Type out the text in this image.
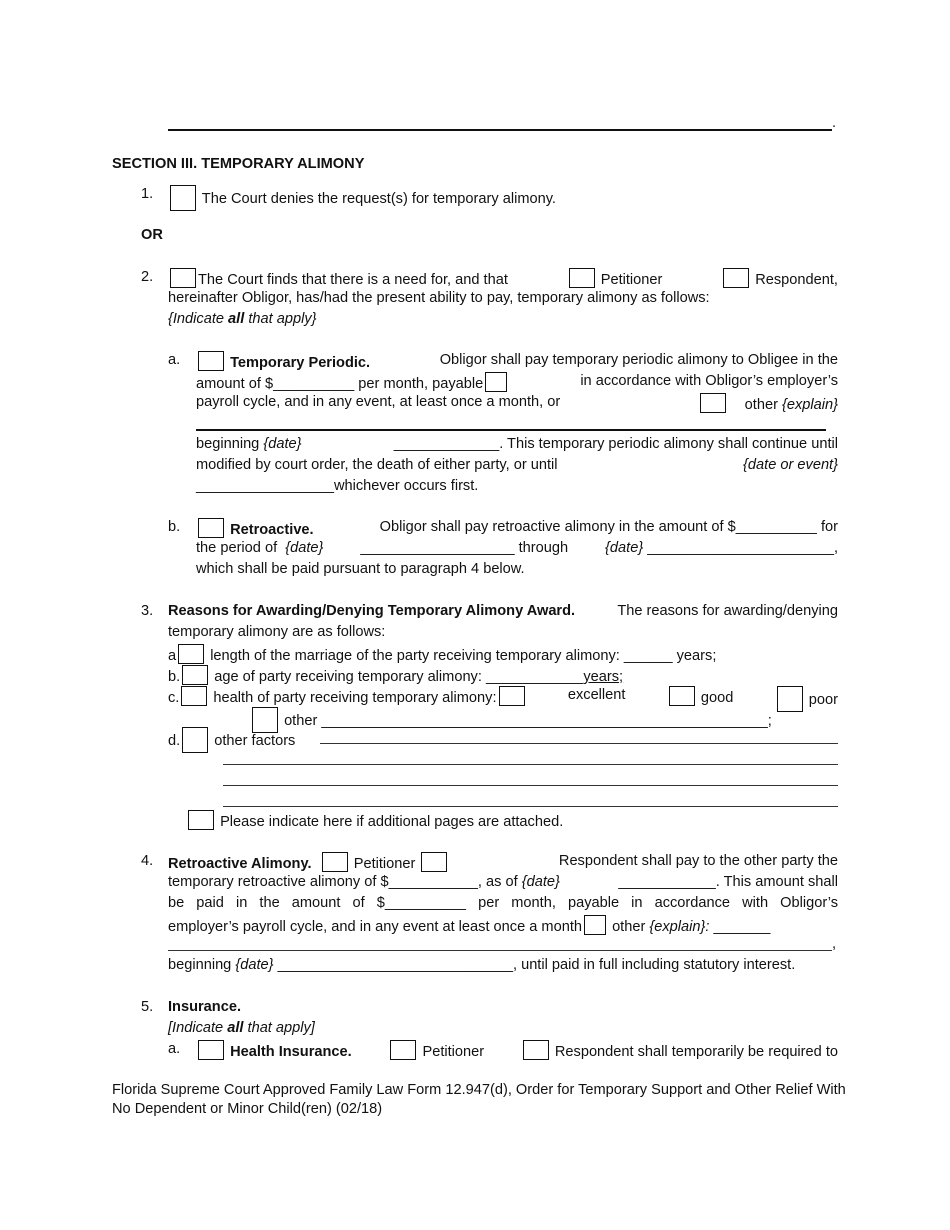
.
SECTION III. TEMPORARY ALIMONY
1.	The Court denies the request(s) for temporary alimony.
OR
2.	The Court finds that there is a need for, and that	Petitioner	Respondent,
hereinafter Obligor, has/had the present ability to pay, temporary alimony as follows:
{Indicate all that apply}
a.	Temporary Periodic.	Obligor shall pay temporary periodic alimony to Obligee in the
amount of $__________ per month, payable	in accordance with Obligor’s employer’s
payroll cycle, and in any event, at least once a month, or	other {explain}
beginning {date}	_____________. This temporary periodic alimony shall continue until
modified by court order, the death of either party, or until	{date or event}
_________________whichever occurs first.
b.	Retroactive.	Obligor shall pay retroactive alimony in the amount of $__________ for
the period of {date}	___________________ through	{date} _______________________,
which shall be paid pursuant to paragraph 4 below.
3. Reasons for Awarding/Denying Temporary Alimony Award.	The reasons for awarding/denying
temporary alimony are as follows:
a length of the marriage of the party receiving temporary alimony: ______ years;
b. age of party receiving temporary alimony: ____________years;
c. health of party receiving temporary alimony:	excellent	good	poor
other _______________________________________________________;
d. other factors
Please indicate here if additional pages are attached.
4. Retroactive Alimony.	Petitioner	Respondent shall pay to the other party the
temporary retroactive alimony of $___________, as of {date}	____________. This amount shall
be paid in the amount of $__________ per month, payable in accordance with Obligor’s
employer’s payroll cycle, and in any event at least once a month other {explain}: _______
,
beginning {date} _____________________________, until paid in full including statutory interest.
5. Insurance.
[Indicate all that apply]
a.	Health Insurance.	Petitioner	Respondent shall temporarily be required to
Florida Supreme Court Approved Family Law Form 12.947(d), Order for Temporary Support and Other Relief With
No Dependent or Minor Child(ren) (02/18)
